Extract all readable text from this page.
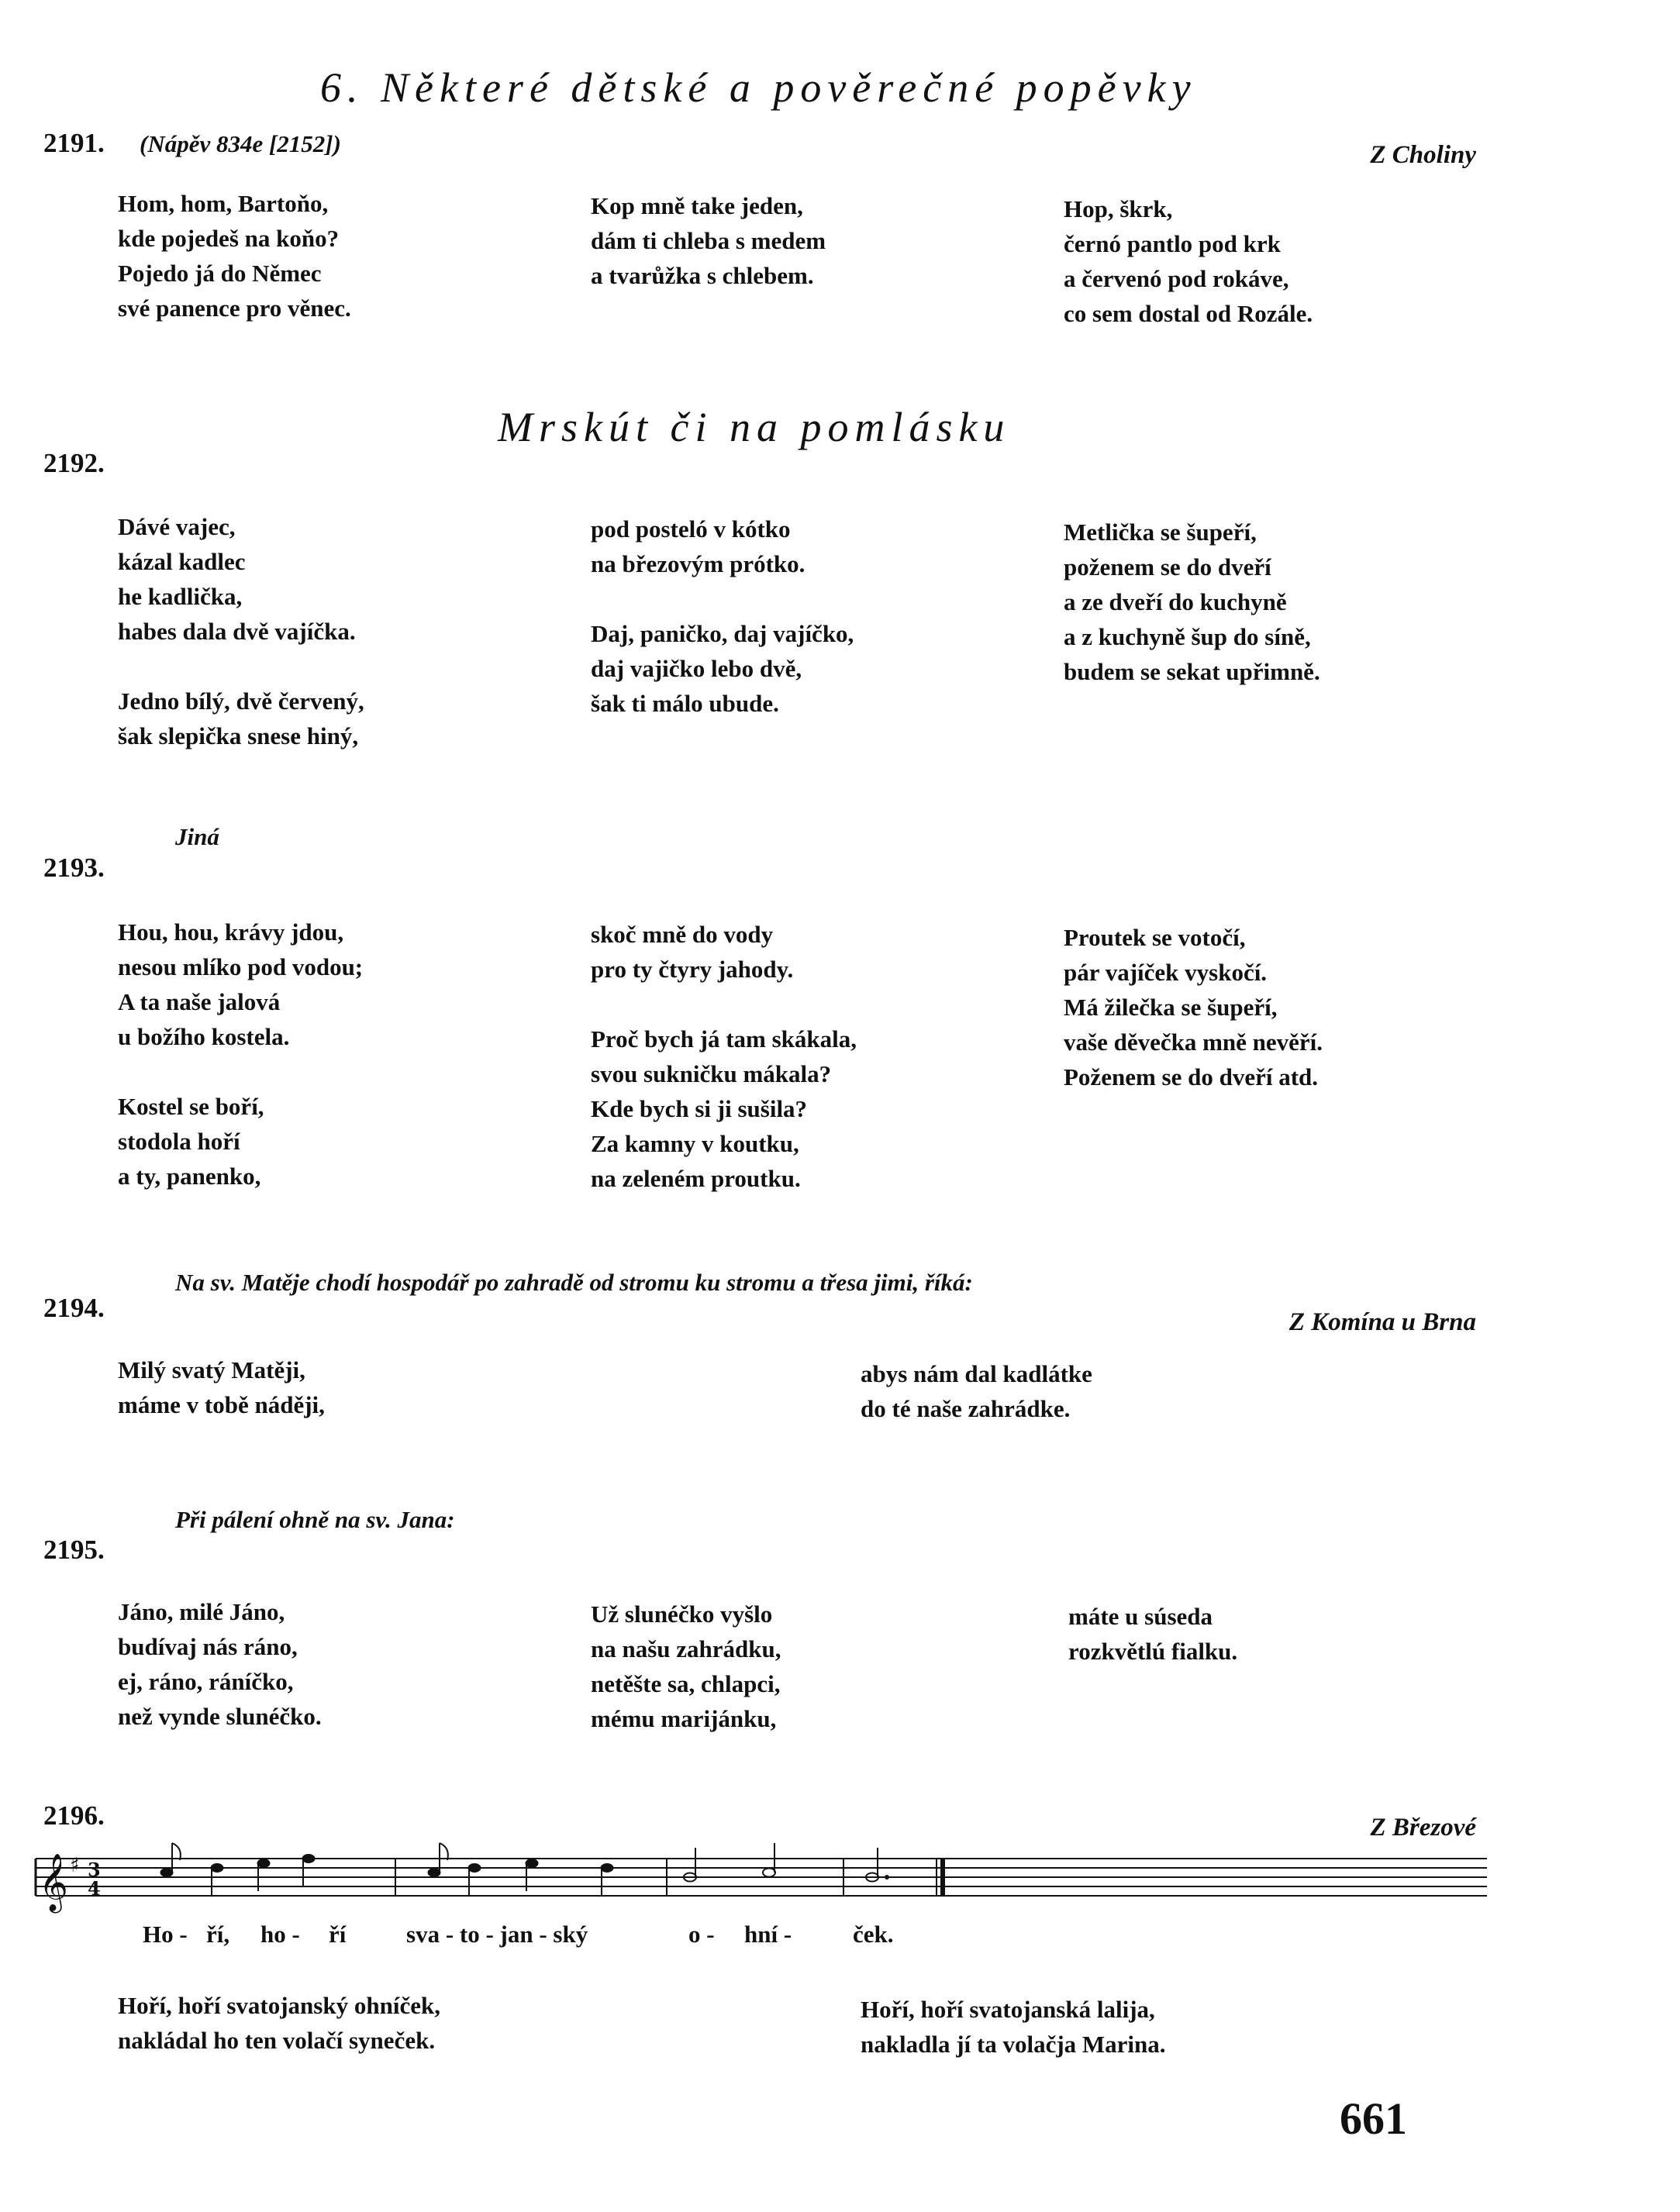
6. Některé dětské a pověrečné popěvky
2191. (Nápěv 834e [2152])	Z Choliny
Hom, hom, Bartoňo,
kde pojedeš na koňo?
Pojedo já do Němec
své panence pro věnec.
Kop mně take jeden,
dám ti chleba s medem
a tvarůžka s chlebem.
Hop, škrk,
černó pantlo pod krk
a červenó pod rokáve,
co sem dostal od Rozále.
Mrskút či na pomlásku
2192.
Dávé vajec,
kázal kadlec
he kadlička,
habes dala dvě vajíčka.
Jedno bílý, dvě červený,
šak slepička snese hiný,
pod posteló v kótko
na březovým prótko.
Daj, paničko, daj vajíčko,
daj vajičko lebo dvě,
šak ti málo ubude.
Metlička se šupeří,
poženem se do dveří
a ze dveří do kuchyně
a z kuchyně šup do síně,
budem se sekat upřimně.
Jiná
2193.
Hou, hou, krávy jdou,
nesou mlíko pod vodou;
A ta naše jalová
u božího kostela.
Kostel se boří,
stodola hoří
a ty, panenko,
skoč mně do vody
pro ty čtyry jahody.
Proč bych já tam skákala,
svou sukničku mákala?
Kde bych si ji sušila?
Za kamny v koutku,
na zeleném proutku.
Proutek se votočí,
pár vajíček vyskočí.
Má žilečka se šupeří,
vaše děvečka mně nevěří.
Poženem se do dveří atd.
Na sv. Matěje chodí hospodář po zahradě od stromu ku stromu a třesa jimi, říká:
2194.	Z Komína u Brna
Milý svatý Matěji,
máme v tobě náději,
abys nám dal kadlátke
do té naše zahrádke.
Při pálení ohně na sv. Jana:
2195.
Jáno, milé Jáno,
budívaj nás ráno,
ej, ráno, ráníčko,
než vynde slunéčko.
Už slunéčko vyšlo
na našu zahrádku,
netěšte sa, chlapci,
mému marijánku,
máte u súseda
rozkvětlú fialku.
2196.	Z Březové
𝄞 ♯ 3
4
Ho - ří, ho - ří	sva - to - jan - ský	o - hní -	ček.
Hoří, hoří svatojanský ohníček,
nakládal ho ten volačí syneček.
Hoří, hoří svatojanská lalija,
nakladla jí ta volačja Marina.
661
